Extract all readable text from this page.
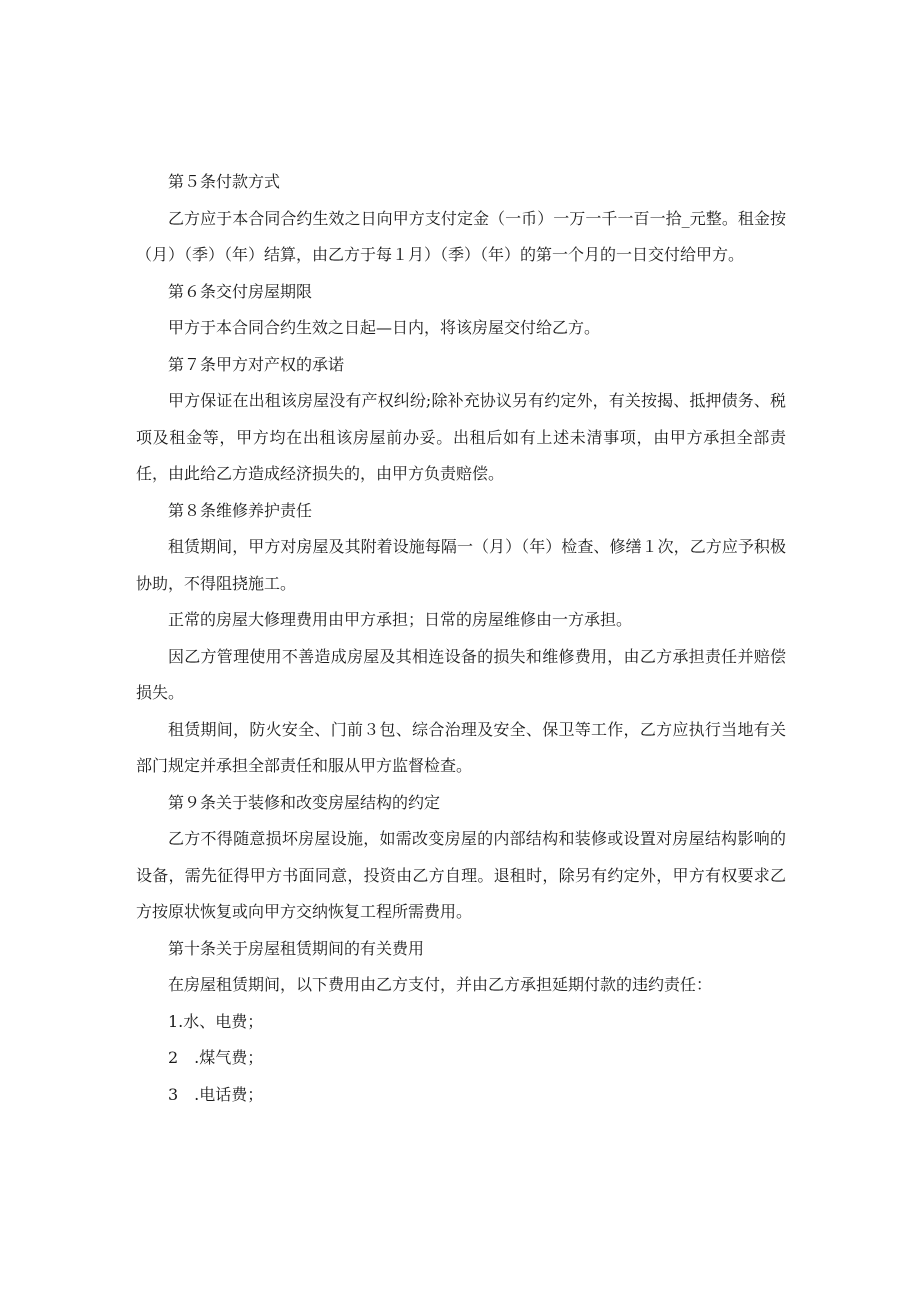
第５条付款方式

乙方应于本合同合约生效之日向甲方支付定金（一币）一万一千一百一拾_元整。租金按（月）（季）（年）结算，由乙方于每１月）（季）（年）的第一个月的一日交付给甲方。

第６条交付房屋期限

甲方于本合同合约生效之日起—日内，将该房屋交付给乙方。

第７条甲方对产权的承诺

甲方保证在出租该房屋没有产权纠纷;除补充协议另有约定外，有关按揭、抵押债务、税项及租金等，甲方均在出租该房屋前办妥。出租后如有上述未清事项，由甲方承担全部责任，由此给乙方造成经济损失的，由甲方负责赔偿。

第８条维修养护责任

租赁期间，甲方对房屋及其附着设施每隔一（月）（年）检查、修缮１次，乙方应予积极协助，不得阻挠施工。

正常的房屋大修理费用由甲方承担；日常的房屋维修由一方承担。

因乙方管理使用不善造成房屋及其相连设备的损失和维修费用，由乙方承担责任并赔偿损失。

租赁期间，防火安全、门前３包、综合治理及安全、保卫等工作，乙方应执行当地有关部门规定并承担全部责任和服从甲方监督检查。

第９条关于装修和改变房屋结构的约定

乙方不得随意损坏房屋设施，如需改变房屋的内部结构和装修或设置对房屋结构影响的设备，需先征得甲方书面同意，投资由乙方自理。退租时，除另有约定外，甲方有权要求乙方按原状恢复或向甲方交纳恢复工程所需费用。

第十条关于房屋租赁期间的有关费用

在房屋租赁期间，以下费用由乙方支付，并由乙方承担延期付款的违约责任：

1.水、电费；

2　.煤气费；

3　.电话费；
